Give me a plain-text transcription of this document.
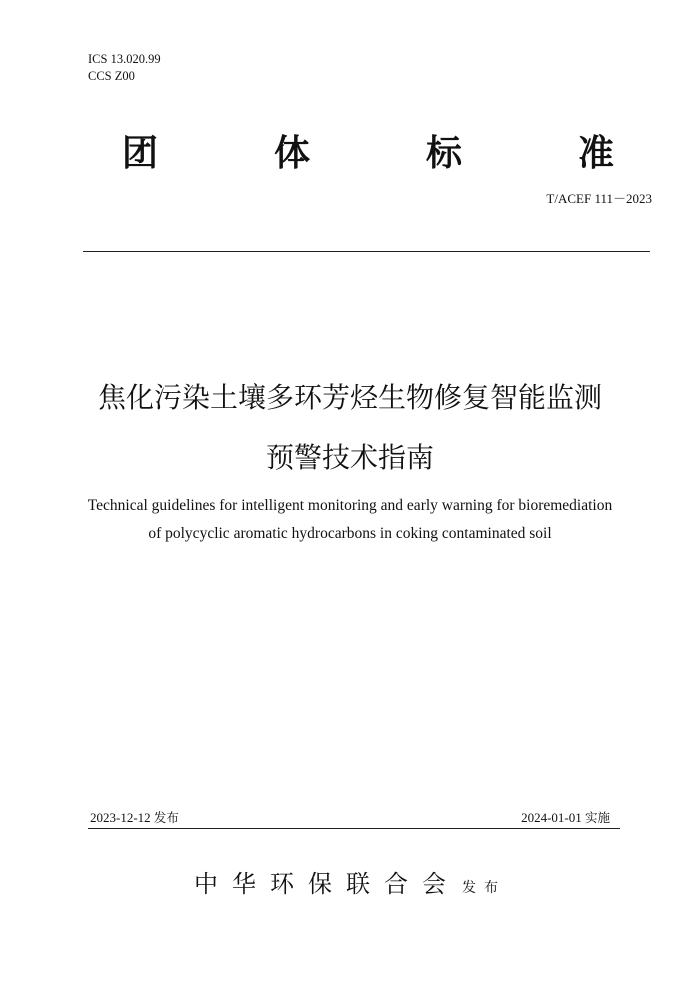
ICS 13.020.99
CCS Z00
团	体	标	准
T/ACEF 111－2023
焦化污染土壤多环芳烃生物修复智能监测
预警技术指南
Technical guidelines for intelligent monitoring and early warning for bioremediation
of polycyclic aromatic hydrocarbons in coking contaminated soil
2023-12-12 发布	2024-01-01 实施
中华环保联合会 发布
